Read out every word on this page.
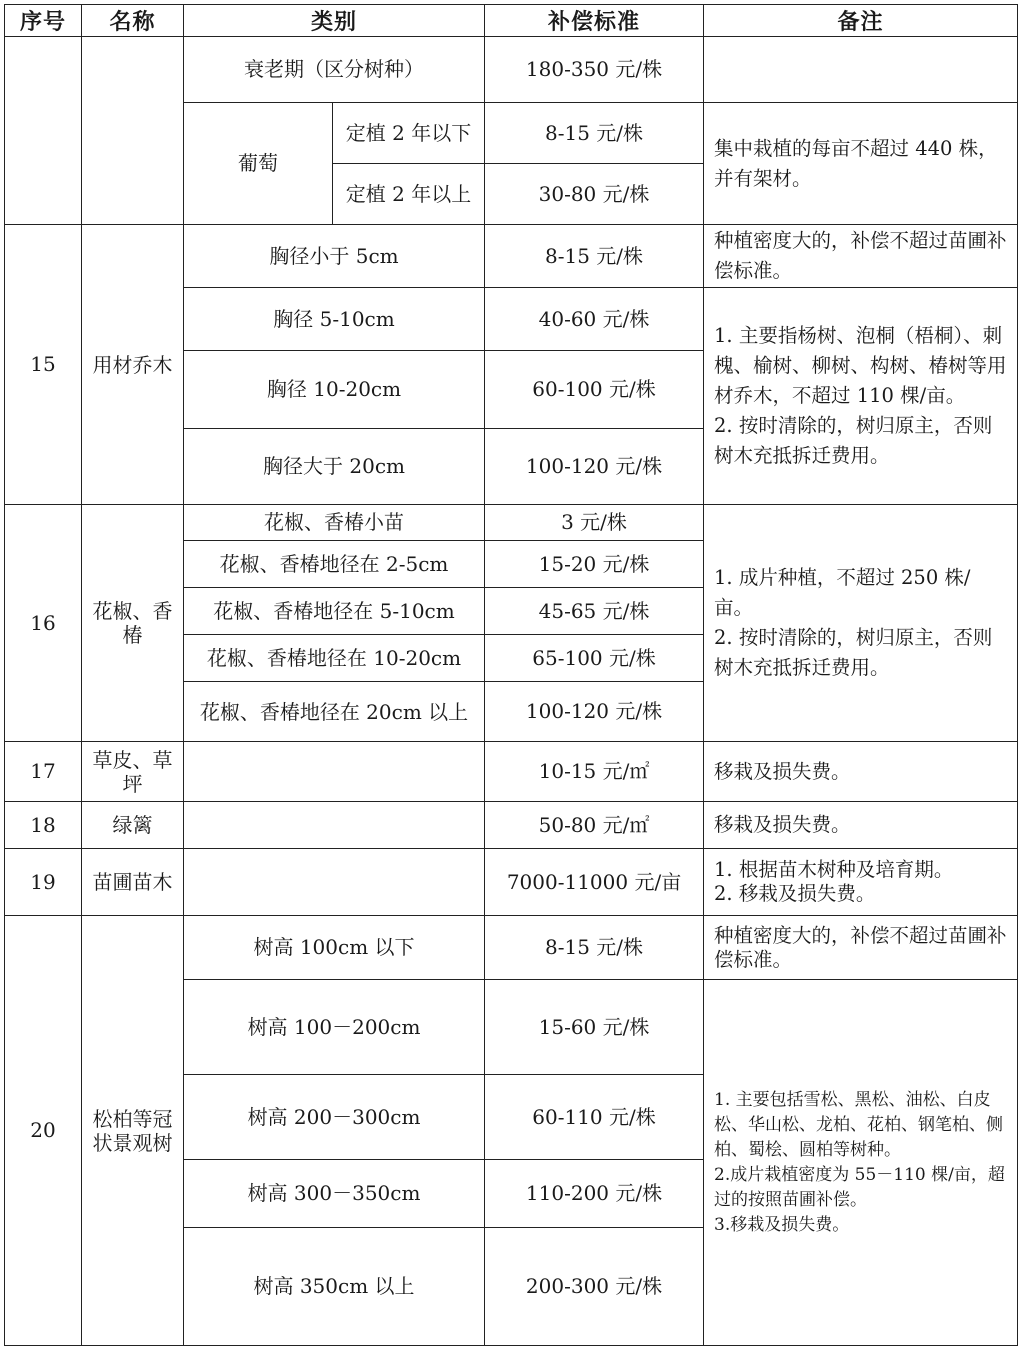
序号	名称	类别		补偿标准	备注
		衰老期（区分树种）		180-350 元/株	
		葡萄	定植 2 年以下	8-15 元/株	集中栽植的每亩不超过 440 株，并有架材。
			定植 2 年以上	30-80 元/株	
15	用材乔木	胸径小于 5cm		8-15 元/株	种植密度大的，补偿不超过苗圃补偿标准。
		胸径 5-10cm		40-60 元/株	1. 主要指杨树、泡桐（梧桐）、刺槐、榆树、柳树、构树、椿树等用材乔木，不超过 110 棵/亩。
2. 按时清除的，树归原主，否则树木充抵拆迁费用。

		胸径 10-20cm		60-100 元/株	
		胸径大于 20cm		100-120 元/株	
16	花椒、香椿	花椒、香椿小苗		3 元/株	1. 成片种植，不超过 250 株/亩。
2. 按时清除的，树归原主，否则树木充抵拆迁费用。

		花椒、香椿地径在 2-5cm		15-20 元/株	
		花椒、香椿地径在 5-10cm		45-65 元/株	
		花椒、香椿地径在 10-20cm		65-100 元/株	
		花椒、香椿地径在 20cm 以上		100-120 元/株	
17	草皮、草坪			10-15 元/㎡	移栽及损失费。
18	绿篱			50-80 元/㎡	移栽及损失费。
19	苗圃苗木			7000-11000 元/亩	1. 根据苗木树种及培育期。
2. 移栽及损失费。

20	松柏等冠状景观树	树高 100cm 以下		8-15 元/株	种植密度大的，补偿不超过苗圃补偿标准。
		树高 100－200cm		15-60 元/株	1. 主要包括雪松、黑松、油松、白皮松、华山松、龙柏、花柏、钢笔柏、侧柏、蜀桧、圆柏等树种。
2.成片栽植密度为 55－110 棵/亩，超过的按照苗圃补偿。
3.移栽及损失费。

		树高 200－300cm		60-110 元/株	
		树高 300－350cm		110-200 元/株	
		树高 350cm 以上		200-300 元/株	
